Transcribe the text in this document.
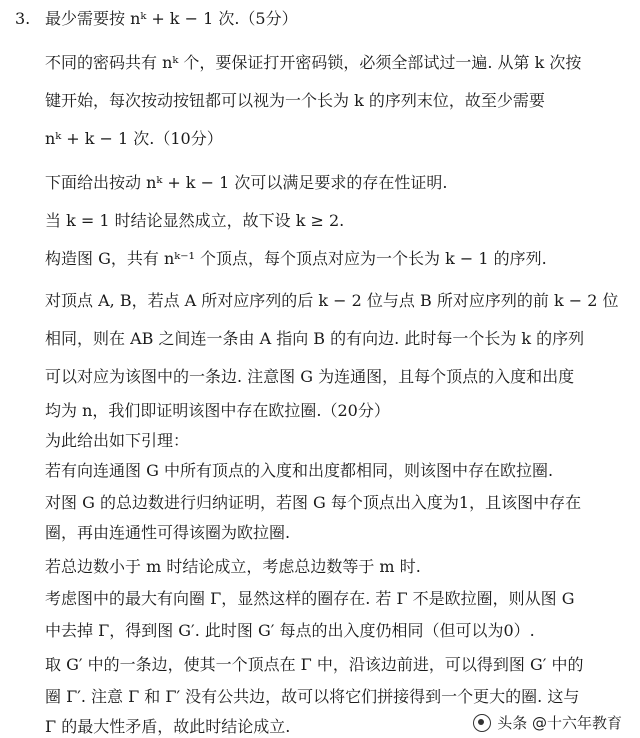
3. 最少需要按 nᵏ + k − 1 次.（5分）
不同的密码共有 nᵏ 个，要保证打开密码锁，必须全部试过一遍. 从第 k 次按
键开始，每次按动按钮都可以视为一个长为 k 的序列末位，故至少需要
nᵏ + k − 1 次.（10分）
下面给出按动 nᵏ + k − 1 次可以满足要求的存在性证明.
当 k = 1 时结论显然成立，故下设 k ≥ 2.
构造图 G，共有 nᵏ⁻¹ 个顶点，每个顶点对应为一个长为 k − 1 的序列.
对顶点 A, B，若点 A 所对应序列的后 k − 2 位与点 B 所对应序列的前 k − 2 位
相同，则在 AB 之间连一条由 A 指向 B 的有向边. 此时每一个长为 k 的序列
可以对应为该图中的一条边. 注意图 G 为连通图，且每个顶点的入度和出度
均为 n，我们即证明该图中存在欧拉圈.（20分）
为此给出如下引理：
若有向连通图 G 中所有顶点的入度和出度都相同，则该图中存在欧拉圈.
对图 G 的总边数进行归纳证明，若图 G 每个顶点出入度为1，且该图中存在
圈，再由连通性可得该圈为欧拉圈.
若总边数小于 m 时结论成立，考虑总边数等于 m 时.
考虑图中的最大有向圈 Γ，显然这样的圈存在. 若 Γ 不是欧拉圈，则从图 G
中去掉 Γ，得到图 G′. 此时图 G′ 每点的出入度仍相同（但可以为0）.
取 G′ 中的一条边，使其一个顶点在 Γ 中，沿该边前进，可以得到图 G′ 中的
圈 Γ′. 注意 Γ 和 Γ′ 没有公共边，故可以将它们拼接得到一个更大的圈. 这与
Γ 的最大性矛盾，故此时结论成立.	头条 @十六年教育
